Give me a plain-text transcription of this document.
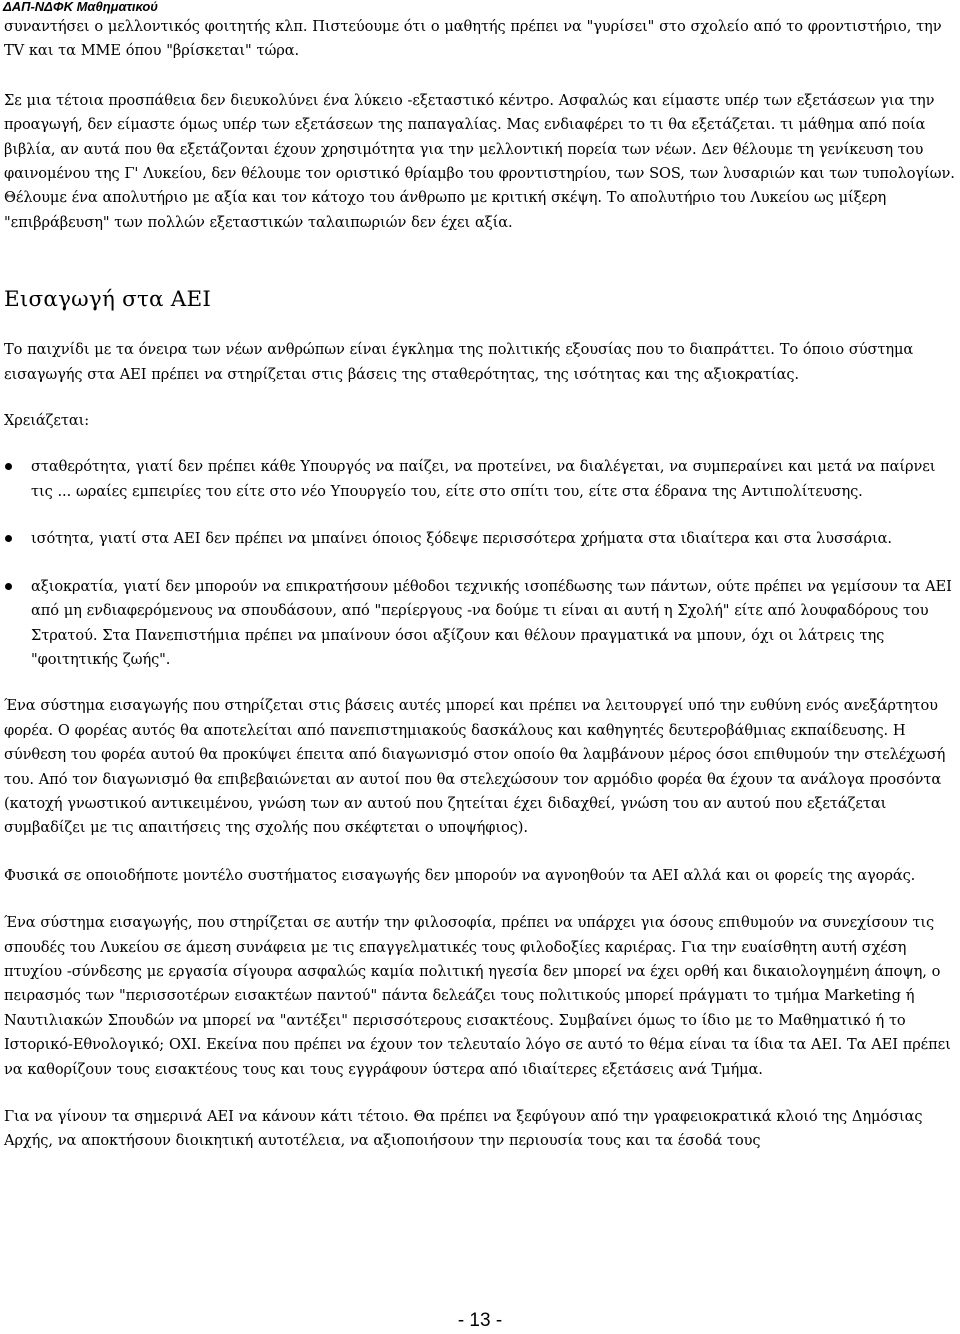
ΔΑΠ-ΝΔΦΚ Μαθηματικού

συναντήσει ο μελλοντικός φοιτητής κλπ. Πιστεύουμε ότι ο μαθητής πρέπει να "γυρίσει" στο σχολείο από το φροντιστήριο, την TV και τα ΜΜΕ όπου "βρίσκεται" τώρα.

Σε μια τέτοια προσπάθεια δεν διευκολύνει ένα λύκειο -εξεταστικό κέντρο. Ασφαλώς και είμαστε υπέρ των εξετάσεων για την προαγωγή, δεν είμαστε όμως υπέρ των εξετάσεων της παπαγαλίας. Μας ενδιαφέρει το τι θα εξετάζεται. τι μάθημα από ποία βιβλία, αν αυτά που θα εξετάζονται έχουν χρησιμότητα για την μελλοντική πορεία των νέων. Δεν θέλουμε τη γενίκευση του φαινομένου της Γ' Λυκείου, δεν θέλουμε τον οριστικό θρίαμβο του φροντιστηρίου, των SOS, των λυσαριών και των τυπολογίων. Θέλουμε ένα απολυτήριο με αξία και τον κάτοχο του άνθρωπο με κριτική σκέψη. Το απολυτήριο του Λυκείου ως μίξερη "επιβράβευση" των πολλών εξεταστικών ταλαιπωριών δεν έχει αξία.

Εισαγωγή στα ΑΕΙ

Το παιχνίδι με τα όνειρα των νέων ανθρώπων είναι έγκλημα της πολιτικής εξουσίας που το διαπράττει. Το όποιο σύστημα εισαγωγής στα ΑΕΙ πρέπει να στηρίζεται στις βάσεις της σταθερότητας, της ισότητας και της αξιοκρατίας.

Χρειάζεται:

σταθερότητα, γιατί δεν πρέπει κάθε Υπουργός να παίζει, να προτείνει, να διαλέγεται, να συμπεραίνει και μετά να παίρνει τις ... ωραίες εμπειρίες του είτε στο νέο Υπουργείο του, είτε στο σπίτι του, είτε στα έδρανα της Αντιπολίτευσης.
ισότητα, γιατί στα ΑΕΙ δεν πρέπει να μπαίνει όποιος ξόδεψε περισσότερα χρήματα στα ιδιαίτερα και στα λυσσάρια.
αξιοκρατία, γιατί δεν μπορούν να επικρατήσουν μέθοδοι τεχνικής ισοπέδωσης των πάντων, ούτε πρέπει να γεμίσουν τα ΑΕΙ από μη ενδιαφερόμενους να σπουδάσουν, από "περίεργους -να δούμε τι είναι αι αυτή η Σχολή" είτε από λουφαδόρους του Στρατού. Στα Πανεπιστήμια πρέπει να μπαίνουν όσοι αξίζουν και θέλουν πραγματικά να μπουν, όχι οι λάτρεις της "φοιτητικής ζωής".

Ένα σύστημα εισαγωγής που στηρίζεται στις βάσεις αυτές μπορεί και πρέπει να λειτουργεί υπό την ευθύνη ενός ανεξάρτητου φορέα. Ο φορέας αυτός θα αποτελείται από πανεπιστημιακούς δασκάλους και καθηγητές δευτεροβάθμιας εκπαίδευσης. Η σύνθεση του φορέα αυτού θα προκύψει έπειτα από διαγωνισμό στον οποίο θα λαμβάνουν μέρος όσοι επιθυμούν την στελέχωσή του. Από τον διαγωνισμό θα επιβεβαιώνεται αν αυτοί που θα στελεχώσουν τον αρμόδιο φορέα θα έχουν τα ανάλογα προσόντα (κατοχή γνωστικού αντικειμένου, γνώση των αν αυτού που ζητείται έχει διδαχθεί, γνώση του αν αυτού που εξετάζεται συμβαδίζει με τις απαιτήσεις της σχολής που σκέφτεται ο υποψήφιος).

Φυσικά σε οποιοδήποτε μοντέλο συστήματος εισαγωγής δεν μπορούν να αγνοηθούν τα ΑΕΙ αλλά και οι φορείς της αγοράς.

Ένα σύστημα εισαγωγής, που στηρίζεται σε αυτήν την φιλοσοφία, πρέπει να υπάρχει για όσους επιθυμούν να συνεχίσουν τις σπουδές του Λυκείου σε άμεση συνάφεια με τις επαγγελματικές τους φιλοδοξίες καριέρας. Για την ευαίσθητη αυτή σχέση πτυχίου -σύνδεσης με εργασία σίγουρα ασφαλώς καμία πολιτική ηγεσία δεν μπορεί να έχει ορθή και δικαιολογημένη άποψη, ο πειρασμός των "περισσοτέρων εισακτέων παντού" πάντα δελεάζει τους πολιτικούς μπορεί πράγματι το τμήμα Marketing ή Ναυτιλιακών Σπουδών να μπορεί να "αντέξει" περισσότερους εισακτέους. Συμβαίνει όμως το ίδιο με το Μαθηματικό ή το Ιστορικό-Εθνολογικό; ΟΧΙ. Εκείνα που πρέπει να έχουν τον τελευταίο λόγο σε αυτό το θέμα είναι τα ίδια τα ΑΕΙ. Τα ΑΕΙ πρέπει να καθορίζουν τους εισακτέους τους και τους εγγράφουν ύστερα από ιδιαίτερες εξετάσεις ανά Τμήμα.

Για να γίνουν τα σημερινά ΑΕΙ να κάνουν κάτι τέτοιο. Θα πρέπει να ξεφύγουν από την γραφειοκρατικά κλοιό της Δημόσιας Αρχής, να αποκτήσουν διοικητική αυτοτέλεια, να αξιοποιήσουν την περιουσία τους και τα έσοδά τους

- 13 -
